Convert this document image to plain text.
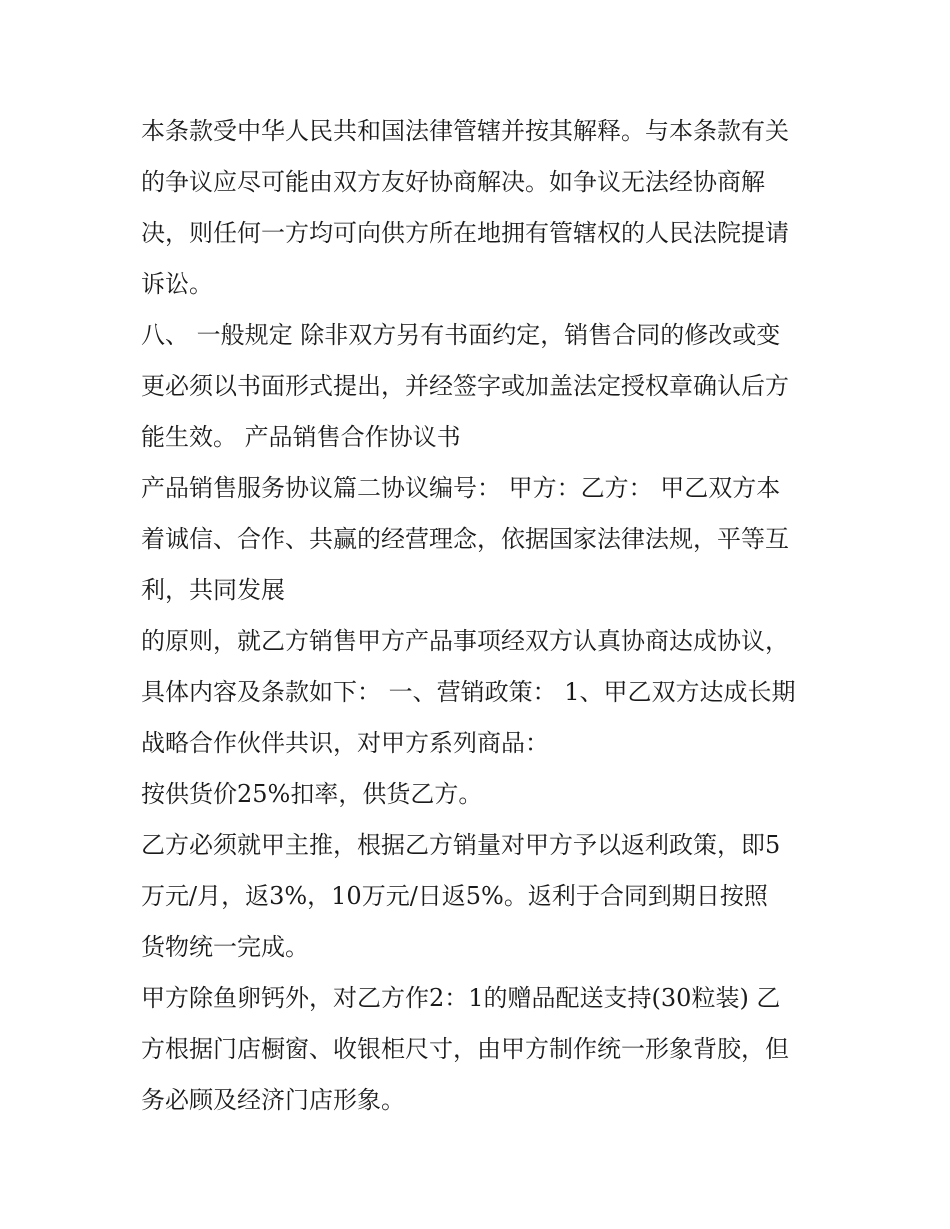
本条款受中华人民共和国法律管辖并按其解释。与本条款有关
的争议应尽可能由双方友好协商解决。如争议无法经协商解
决，则任何一方均可向供方所在地拥有管辖权的人民法院提请
诉讼。
八、 一般规定 除非双方另有书面约定，销售合同的修改或变
更必须以书面形式提出，并经签字或加盖法定授权章确认后方
能生效。 产品销售合作协议书
产品销售服务协议篇二协议编号： 甲方：乙方： 甲乙双方本
着诚信、合作、共赢的经营理念，依据国家法律法规，平等互
利，共同发展
的原则，就乙方销售甲方产品事项经双方认真协商达成协议，
具体内容及条款如下： 一、营销政策： 1、甲乙双方达成长期
战略合作伙伴共识，对甲方系列商品：
按供货价25%扣率，供货乙方。
乙方必须就甲主推，根据乙方销量对甲方予以返利政策，即5
万元/月，返3%，10万元/日返5%。返利于合同到期日按照
货物统一完成。
甲方除鱼卵钙外，对乙方作2：1的赠品配送支持(30粒装) 乙
方根据门店橱窗、收银柜尺寸，由甲方制作统一形象背胶，但
务必顾及经济门店形象。
